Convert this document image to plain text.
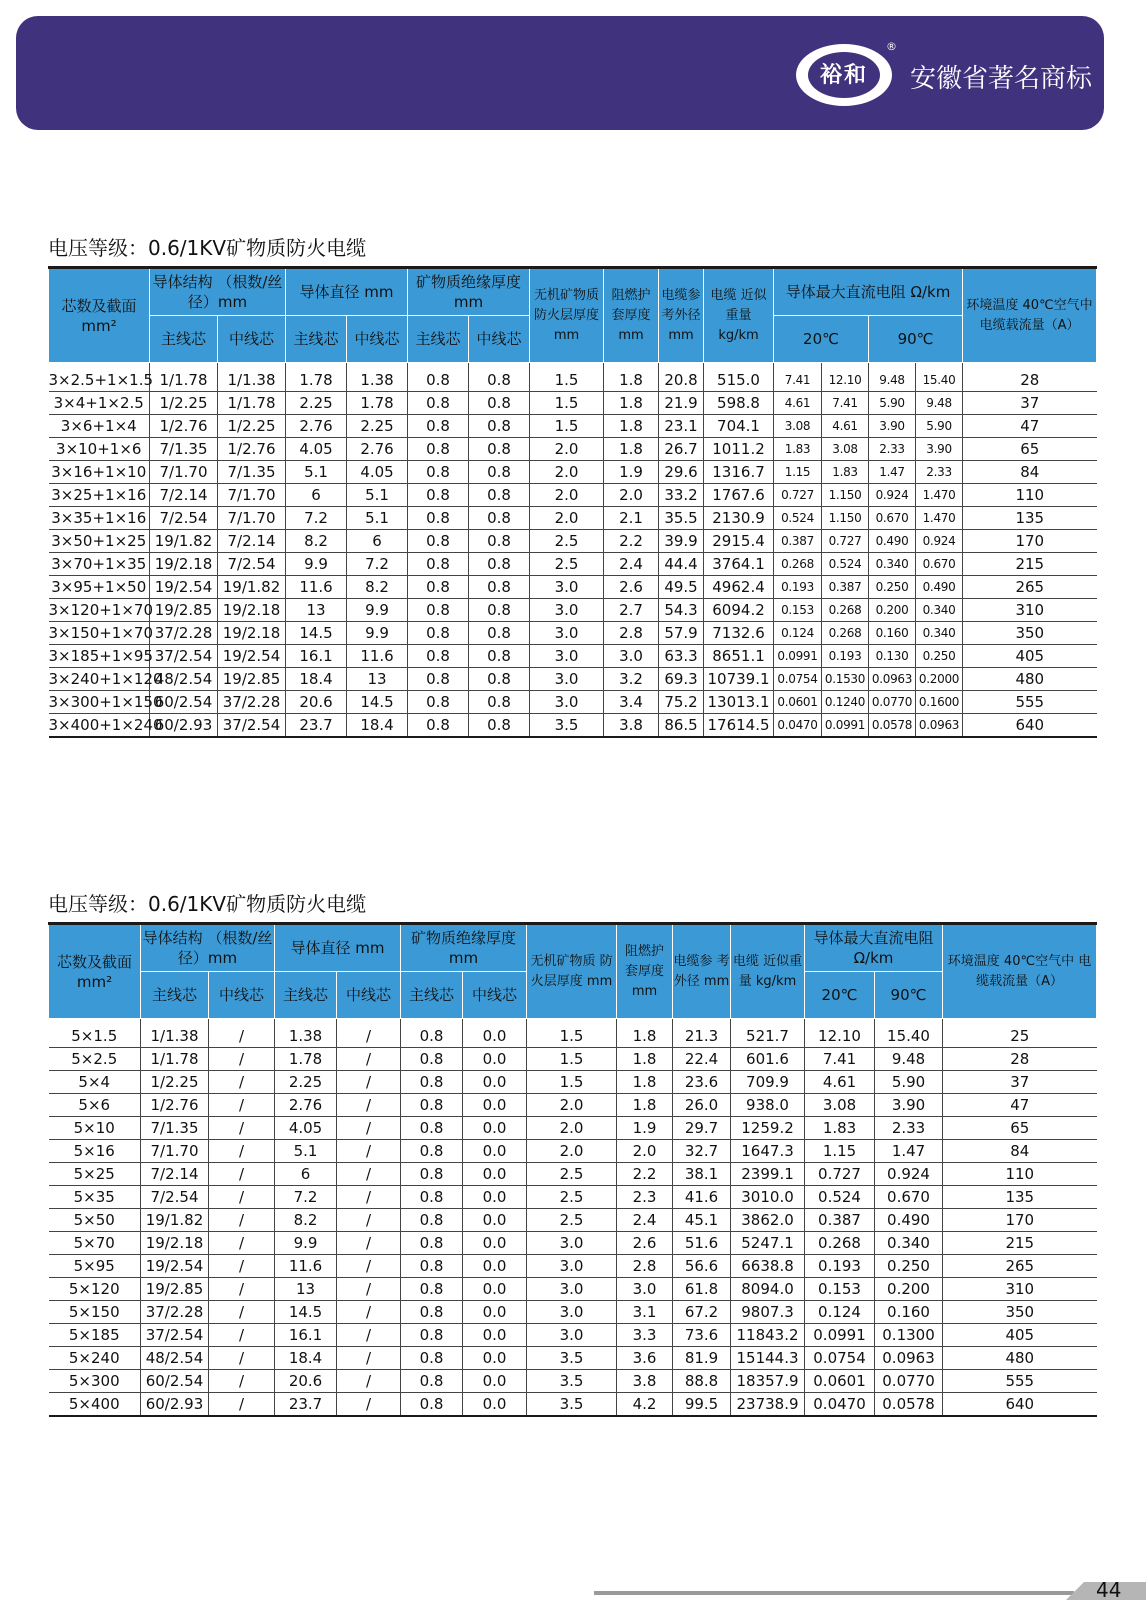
裕和
®
安徽省著名商标
电压等级：0.6/1KV矿物质防火电缆
芯数及截面 mm²	导体结构 （根数/丝径）mm		导体直径 mm		矿物质绝缘厚度 mm		无机矿物质 防火层厚度 mm	阻燃护 套厚度 mm	电缆参 考外径 mm	电缆 近似重量 kg/km	导体最大直流电阻 Ω/km				环境温度 40℃空气中 电缆载流量（A）
	主线芯	中线芯	主线芯	中线芯	主线芯	中线芯					20℃		90℃		
3×2.5+1×1.5	1/1.78	1/1.38	1.78	1.38	0.8	0.8	1.5	1.8	20.8	515.0	7.41	12.10	9.48	15.40	28
3×4+1×2.5	1/2.25	1/1.78	2.25	1.78	0.8	0.8	1.5	1.8	21.9	598.8	4.61	7.41	5.90	9.48	37
3×6+1×4	1/2.76	1/2.25	2.76	2.25	0.8	0.8	1.5	1.8	23.1	704.1	3.08	4.61	3.90	5.90	47
3×10+1×6	7/1.35	1/2.76	4.05	2.76	0.8	0.8	2.0	1.8	26.7	1011.2	1.83	3.08	2.33	3.90	65
3×16+1×10	7/1.70	7/1.35	5.1	4.05	0.8	0.8	2.0	1.9	29.6	1316.7	1.15	1.83	1.47	2.33	84
3×25+1×16	7/2.14	7/1.70	6	5.1	0.8	0.8	2.0	2.0	33.2	1767.6	0.727	1.150	0.924	1.470	110
3×35+1×16	7/2.54	7/1.70	7.2	5.1	0.8	0.8	2.0	2.1	35.5	2130.9	0.524	1.150	0.670	1.470	135
3×50+1×25	19/1.82	7/2.14	8.2	6	0.8	0.8	2.5	2.2	39.9	2915.4	0.387	0.727	0.490	0.924	170
3×70+1×35	19/2.18	7/2.54	9.9	7.2	0.8	0.8	2.5	2.4	44.4	3764.1	0.268	0.524	0.340	0.670	215
3×95+1×50	19/2.54	19/1.82	11.6	8.2	0.8	0.8	3.0	2.6	49.5	4962.4	0.193	0.387	0.250	0.490	265
3×120+1×70	19/2.85	19/2.18	13	9.9	0.8	0.8	3.0	2.7	54.3	6094.2	0.153	0.268	0.200	0.340	310
3×150+1×70	37/2.28	19/2.18	14.5	9.9	0.8	0.8	3.0	2.8	57.9	7132.6	0.124	0.268	0.160	0.340	350
3×185+1×95	37/2.54	19/2.54	16.1	11.6	0.8	0.8	3.0	3.0	63.3	8651.1	0.0991	0.193	0.130	0.250	405
3×240+1×120	48/2.54	19/2.85	18.4	13	0.8	0.8	3.0	3.2	69.3	10739.1	0.0754	0.1530	0.0963	0.2000	480
3×300+1×150	60/2.54	37/2.28	20.6	14.5	0.8	0.8	3.0	3.4	75.2	13013.1	0.0601	0.1240	0.0770	0.1600	555
3×400+1×240	60/2.93	37/2.54	23.7	18.4	0.8	0.8	3.5	3.8	86.5	17614.5	0.0470	0.0991	0.0578	0.0963	640
电压等级：0.6/1KV矿物质防火电缆
芯数及截面 mm²	导体结构 （根数/丝径）mm		导体直径 mm		矿物质绝缘厚度 mm		无机矿物质 防火层厚度 mm	阻燃护 套厚度 mm	电缆参 考外径 mm	电缆 近似重量 kg/km	导体最大直流电阻 Ω/km		环境温度 40℃空气中 电缆载流量（A）
	主线芯	中线芯	主线芯	中线芯	主线芯	中线芯					20℃	90℃	
5×1.5	1/1.38	/	1.38	/	0.8	0.0	1.5	1.8	21.3	521.7	12.10	15.40	25
5×2.5	1/1.78	/	1.78	/	0.8	0.0	1.5	1.8	22.4	601.6	7.41	9.48	28
5×4	1/2.25	/	2.25	/	0.8	0.0	1.5	1.8	23.6	709.9	4.61	5.90	37
5×6	1/2.76	/	2.76	/	0.8	0.0	2.0	1.8	26.0	938.0	3.08	3.90	47
5×10	7/1.35	/	4.05	/	0.8	0.0	2.0	1.9	29.7	1259.2	1.83	2.33	65
5×16	7/1.70	/	5.1	/	0.8	0.0	2.0	2.0	32.7	1647.3	1.15	1.47	84
5×25	7/2.14	/	6	/	0.8	0.0	2.5	2.2	38.1	2399.1	0.727	0.924	110
5×35	7/2.54	/	7.2	/	0.8	0.0	2.5	2.3	41.6	3010.0	0.524	0.670	135
5×50	19/1.82	/	8.2	/	0.8	0.0	2.5	2.4	45.1	3862.0	0.387	0.490	170
5×70	19/2.18	/	9.9	/	0.8	0.0	3.0	2.6	51.6	5247.1	0.268	0.340	215
5×95	19/2.54	/	11.6	/	0.8	0.0	3.0	2.8	56.6	6638.8	0.193	0.250	265
5×120	19/2.85	/	13	/	0.8	0.0	3.0	3.0	61.8	8094.0	0.153	0.200	310
5×150	37/2.28	/	14.5	/	0.8	0.0	3.0	3.1	67.2	9807.3	0.124	0.160	350
5×185	37/2.54	/	16.1	/	0.8	0.0	3.0	3.3	73.6	11843.2	0.0991	0.1300	405
5×240	48/2.54	/	18.4	/	0.8	0.0	3.5	3.6	81.9	15144.3	0.0754	0.0963	480
5×300	60/2.54	/	20.6	/	0.8	0.0	3.5	3.8	88.8	18357.9	0.0601	0.0770	555
5×400	60/2.93	/	23.7	/	0.8	0.0	3.5	4.2	99.5	23738.9	0.0470	0.0578	640
44
